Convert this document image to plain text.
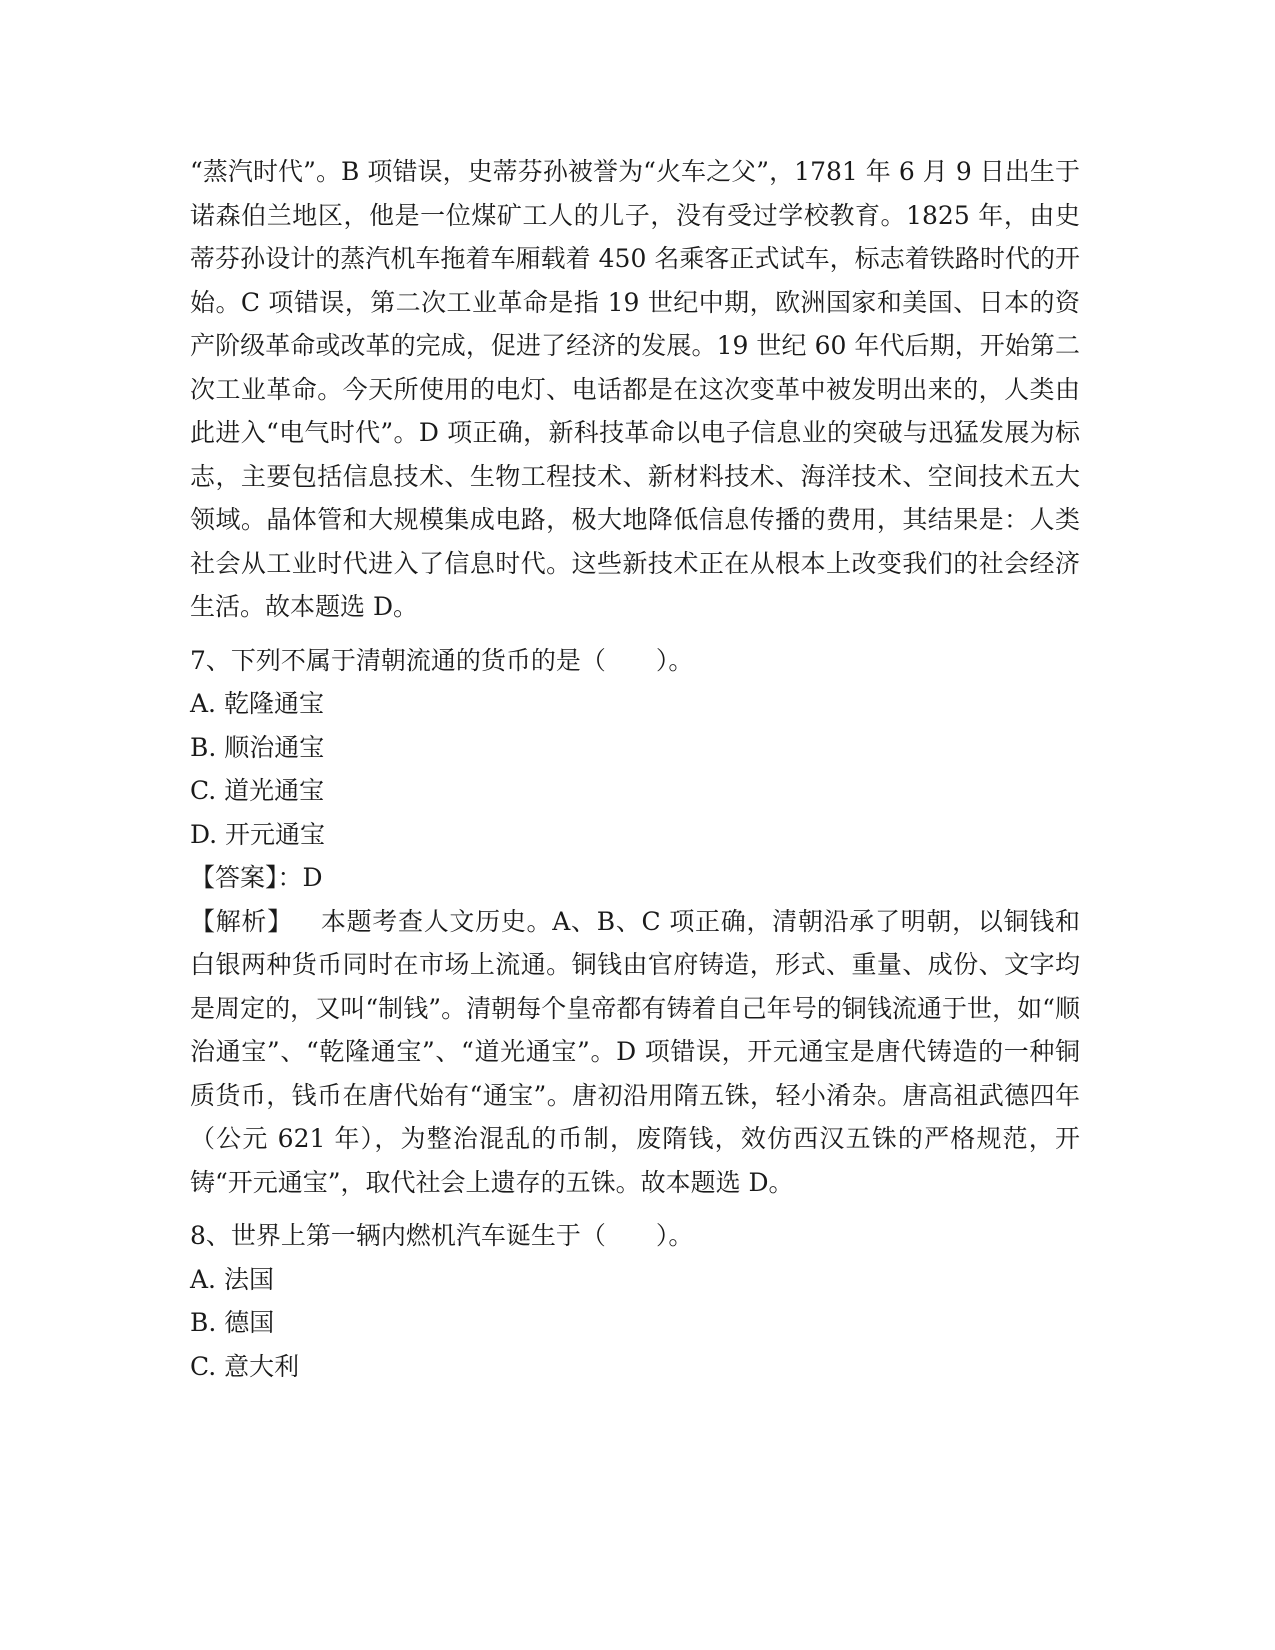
“蒸汽时代”。B 项错误，史蒂芬孙被誉为“火车之父”，1781 年 6 月 9 日出生于诺森伯兰地区，他是一位煤矿工人的儿子，没有受过学校教育。1825 年，由史蒂芬孙设计的蒸汽机车拖着车厢载着 450 名乘客正式试车，标志着铁路时代的开始。C 项错误，第二次工业革命是指 19 世纪中期，欧洲国家和美国、日本的资产阶级革命或改革的完成，促进了经济的发展。19 世纪 60 年代后期，开始第二次工业革命。今天所使用的电灯、电话都是在这次变革中被发明出来的，人类由此进入“电气时代”。D 项正确，新科技革命以电子信息业的突破与迅猛发展为标志，主要包括信息技术、生物工程技术、新材料技术、海洋技术、空间技术五大领域。晶体管和大规模集成电路，极大地降低信息传播的费用，其结果是：人类社会从工业时代进入了信息时代。这些新技术正在从根本上改变我们的社会经济生活。故本题选 D。

7、下列不属于清朝流通的货币的是（　　）。

A. 乾隆通宝
B. 顺治通宝
C. 道光通宝
D. 开元通宝
【答案】：D

【解析】 本题考查人文历史。A、B、C 项正确，清朝沿承了明朝，以铜钱和白银两种货币同时在市场上流通。铜钱由官府铸造，形式、重量、成份、文字均是周定的，又叫“制钱”。清朝每个皇帝都有铸着自己年号的铜钱流通于世，如“顺治通宝”、“乾隆通宝”、“道光通宝”。D 项错误，开元通宝是唐代铸造的一种铜质货币，钱币在唐代始有“通宝”。唐初沿用隋五铢，轻小淆杂。唐高祖武德四年（公元 621 年），为整治混乱的币制，废隋钱，效仿西汉五铢的严格规范，开铸“开元通宝”，取代社会上遗存的五铢。故本题选 D。

8、世界上第一辆内燃机汽车诞生于（　　）。

A. 法国
B. 德国
C. 意大利
